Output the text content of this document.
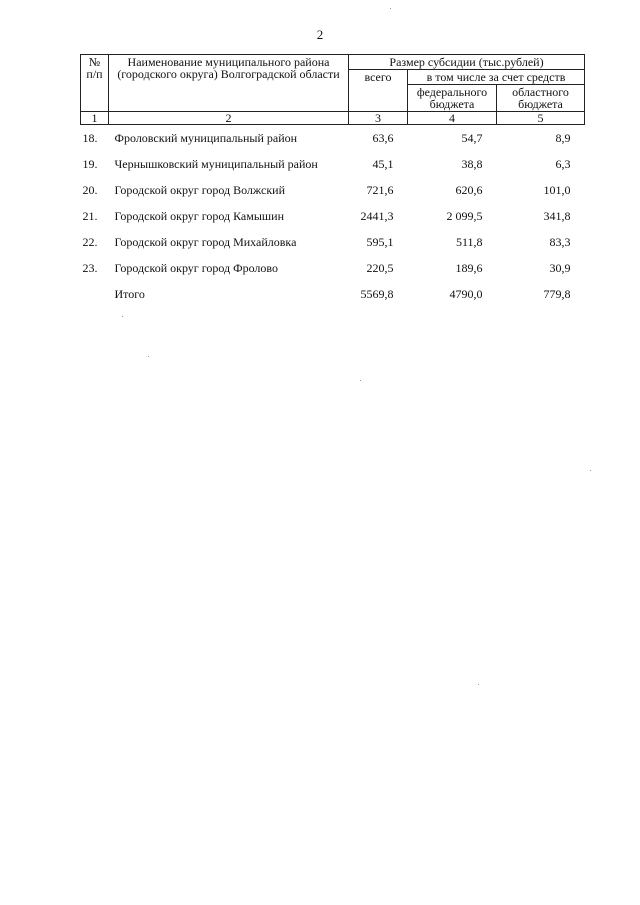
2
№ п/п	Наименование муниципального района (городского округа) Волгоградской области	Размер субсидии (тыс.рублей)		
		всего	в том числе за счет средств	
			федерального бюджета	областного бюджета
1	2	3	4	5
18.	Фроловский муниципальный район	63,6	54,7	8,9
19.	Чернышковский муниципальный район	45,1	38,8	6,3
20.	Городской округ город Волжский	721,6	620,6	101,0
21.	Городской округ город Камышин	2441,3	2 099,5	341,8
22.	Городской округ город Михайловка	595,1	511,8	83,3
23.	Городской округ город Фролово	220,5	189,6	30,9
	Итого	5569,8	4790,0	779,8
